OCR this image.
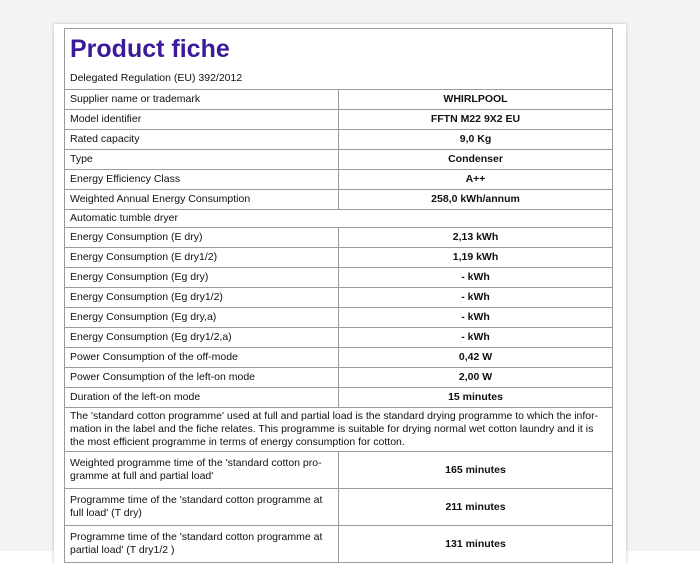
Product fiche
Delegated Regulation (EU) 392/2012	

Supplier name or trademark	WHIRLPOOL
Model identifier	FFTN M22 9X2 EU
Rated capacity	9,0 Kg
Type	Condenser
Energy Efficiency Class	A++
Weighted Annual Energy Consumption	258,0 kWh/annum
Automatic tumble dryer	
Energy Consumption (E dry)	2,13 kWh
Energy Consumption (E dry1/2)	1,19 kWh
Energy Consumption (Eg dry)	- kWh
Energy Consumption (Eg dry1/2)	- kWh
Energy Consumption (Eg dry,a)	- kWh
Energy Consumption (Eg dry1/2,a)	- kWh
Power Consumption of the off-mode	0,42 W
Power Consumption of the left-on mode	2,00 W
Duration of the left-on mode	15 minutes
The 'standard cotton programme' used at full and partial load is the standard drying programme to which the infor-mation in the label and the fiche relates. This programme is suitable for drying normal wet cotton laundry and it is the most efficient programme in terms of energy consumption for cotton.	
Weighted programme time of the 'standard cotton pro-gramme at full and partial load'	165 minutes
Programme time of the 'standard cotton programme at full load' (T dry)	211 minutes
Programme time of the 'standard cotton programme at partial load' (T dry1/2 )	131 minutes
